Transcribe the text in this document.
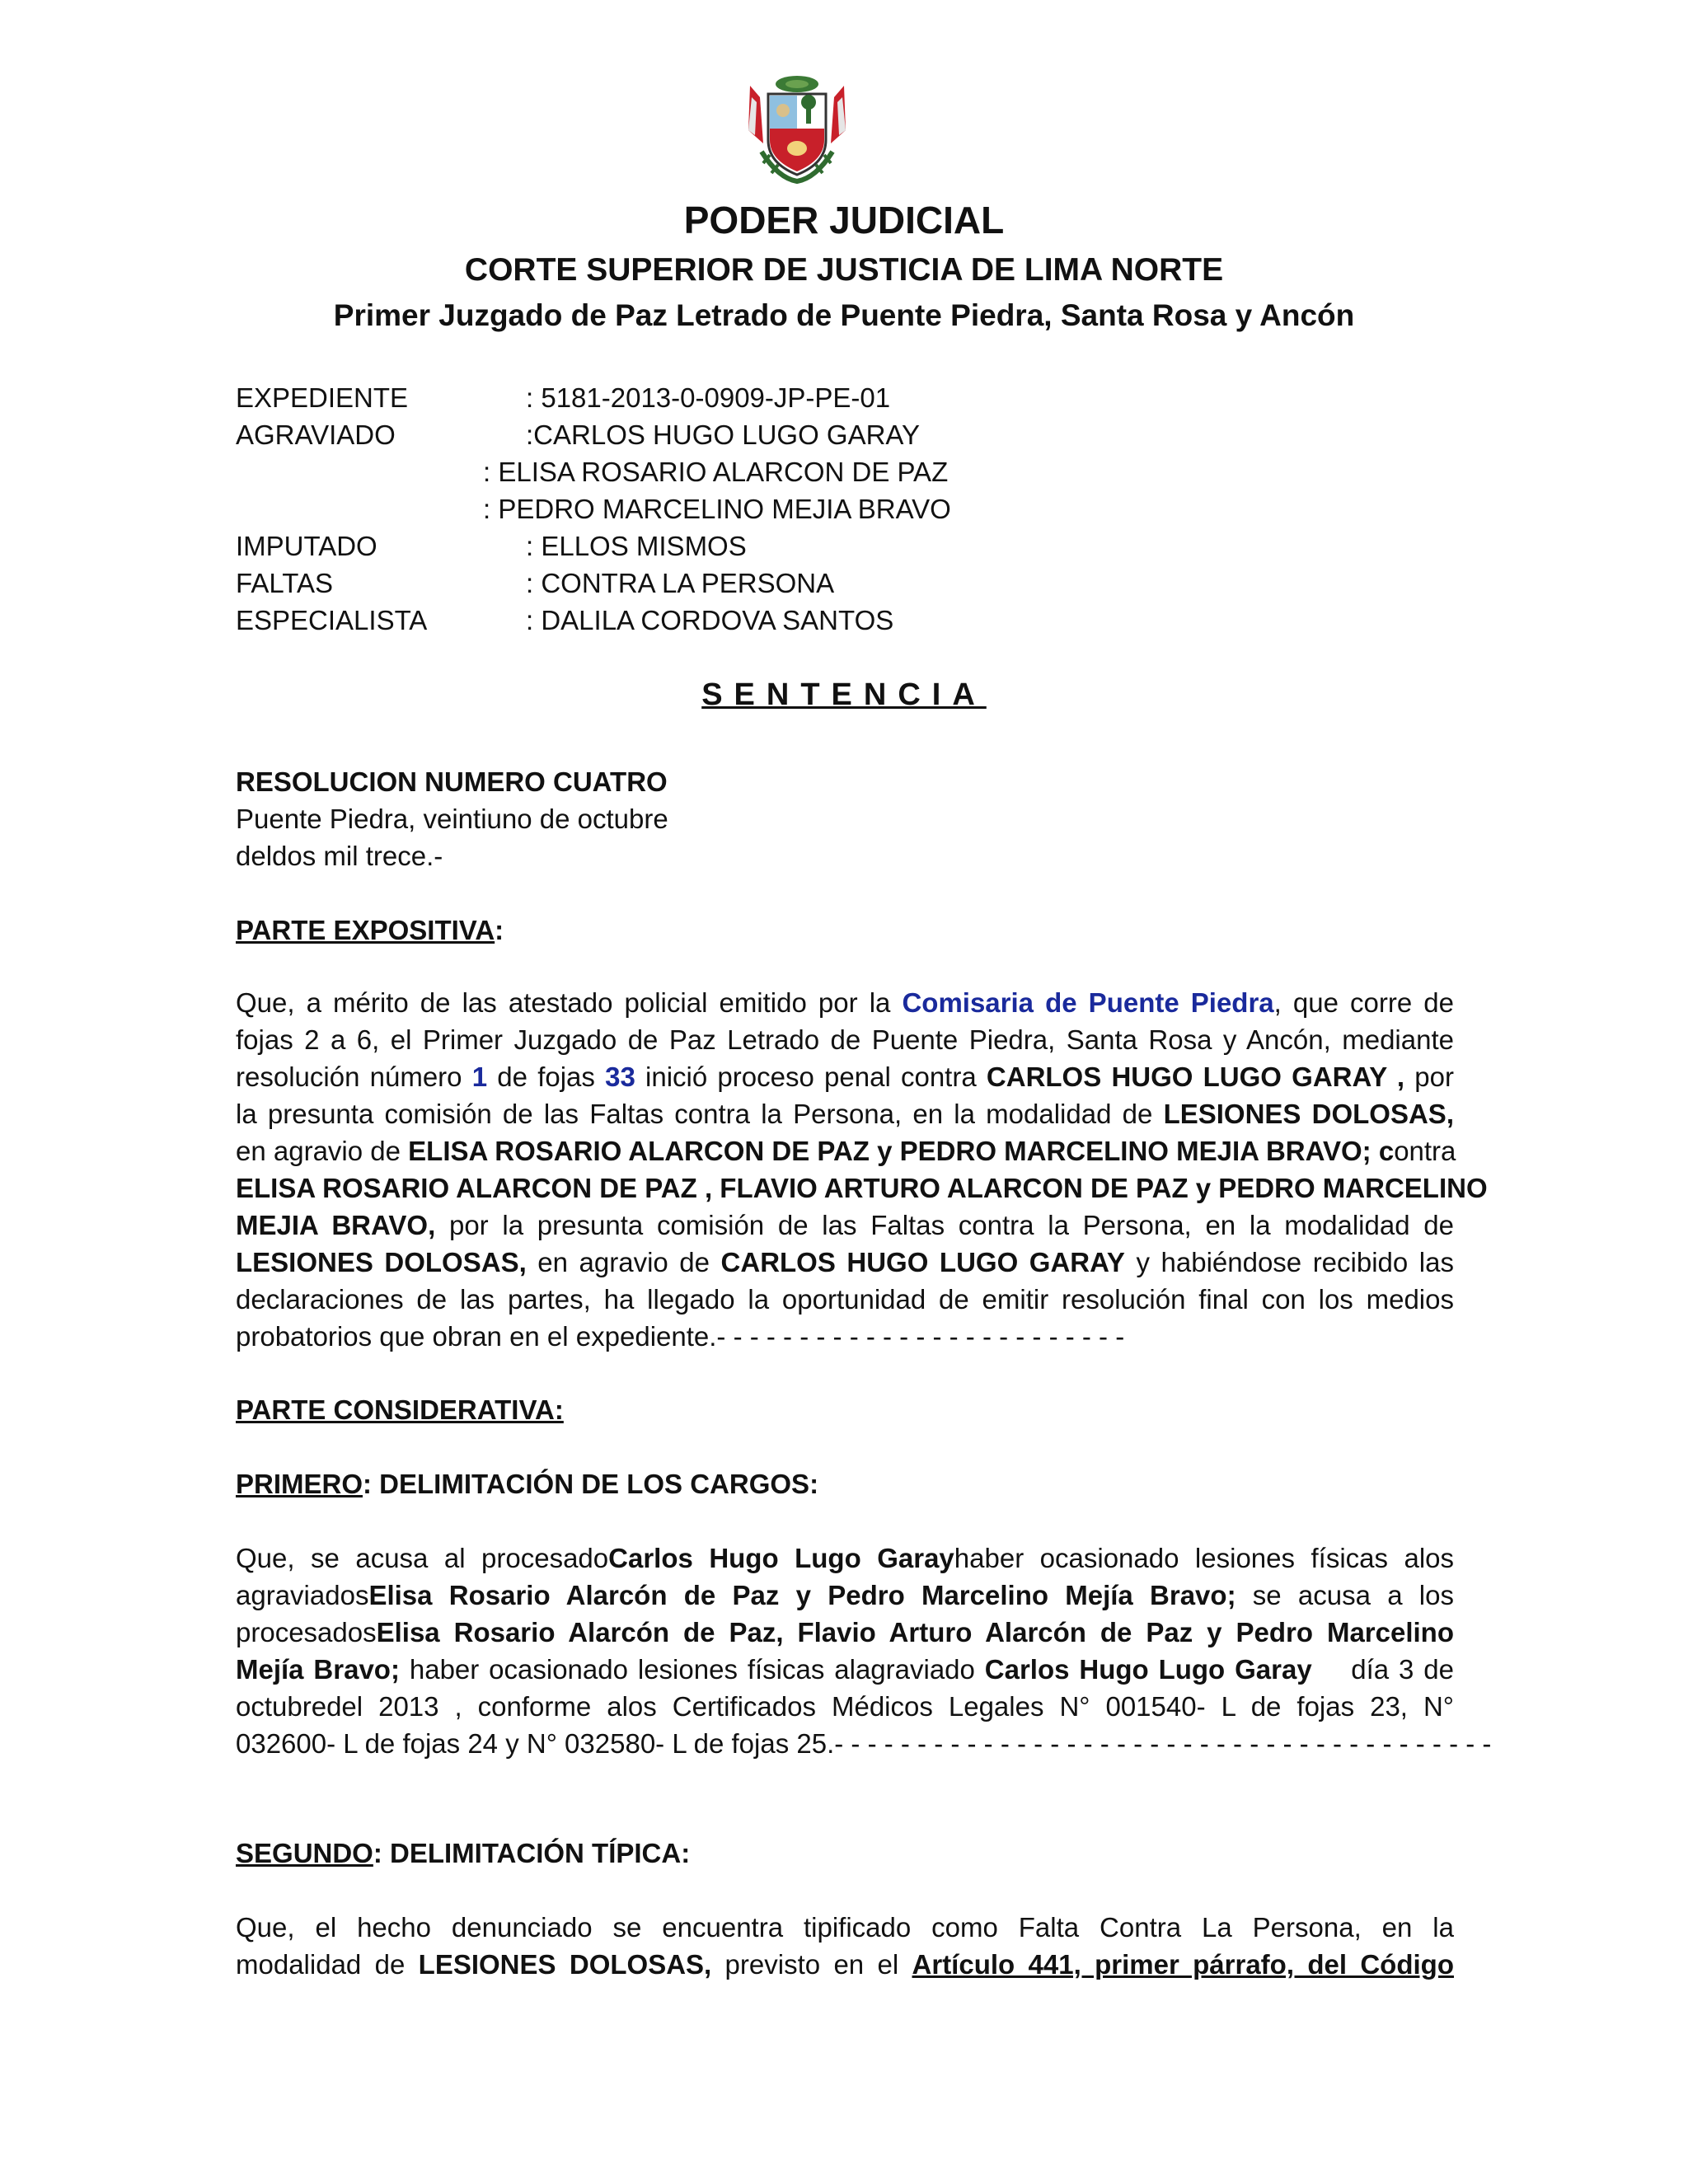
PODER JUDICIAL
CORTE SUPERIOR DE JUSTICIA DE LIMA NORTE
Primer Juzgado de Paz Letrado de Puente Piedra, Santa Rosa y Ancón
EXPEDIENTE	: 5181-2013-0-0909-JP-PE-01
AGRAVIADO	:CARLOS HUGO LUGO GARAY
: ELISA ROSARIO ALARCON DE PAZ
: PEDRO MARCELINO MEJIA BRAVO
IMPUTADO	: ELLOS MISMOS
FALTAS	: CONTRA LA PERSONA
ESPECIALISTA	: DALILA CORDOVA SANTOS
SENTENCIA
RESOLUCION NUMERO CUATRO
Puente Piedra, veintiuno de octubre
deldos mil trece.-
PARTE EXPOSITIVA:
Que, a mérito de las atestado policial emitido por la Comisaria de Puente Piedra, que corre de
fojas 2 a 6, el Primer Juzgado de Paz Letrado de Puente Piedra, Santa Rosa y Ancón, mediante
resolución número 1 de fojas 33 inició proceso penal contra CARLOS HUGO LUGO GARAY , por
la presunta comisión de las Faltas contra la Persona, en la modalidad de LESIONES DOLOSAS,
en agravio de ELISA ROSARIO ALARCON DE PAZ y PEDRO MARCELINO MEJIA BRAVO; contra
ELISA ROSARIO ALARCON DE PAZ , FLAVIO ARTURO ALARCON DE PAZ y PEDRO MARCELINO
MEJIA BRAVO, por la presunta comisión de las Faltas contra la Persona, en la modalidad de
LESIONES DOLOSAS, en agravio de CARLOS HUGO LUGO GARAY y habiéndose recibido las
declaraciones de las partes, ha llegado la oportunidad de emitir resolución final con los medios
probatorios que obran en el expediente.- - - - - - - - - - - - - - - - - - - - - - - - -
PARTE CONSIDERATIVA:
PRIMERO: DELIMITACIÓN DE LOS CARGOS:
Que, se acusa al procesadoCarlos Hugo Lugo Garayhaber ocasionado lesiones físicas alos
agraviadosElisa Rosario Alarcón de Paz y Pedro Marcelino Mejía Bravo; se acusa a los
procesadosElisa Rosario Alarcón de Paz, Flavio Arturo Alarcón de Paz y Pedro Marcelino
Mejía Bravo; haber ocasionado lesiones físicas alagraviado Carlos Hugo Lugo Garay    día 3 de
octubredel 2013 , conforme alos Certificados Médicos Legales N° 001540- L de fojas 23, N°
032600- L de fojas 24 y N° 032580- L de fojas 25.- - - - - - - - - - - - - - - - - - - - - - - - - - - - - - - - - - - - - - - -
SEGUNDO: DELIMITACIÓN TÍPICA:
Que, el hecho denunciado se encuentra tipificado como Falta Contra La Persona, en la
modalidad de LESIONES DOLOSAS, previsto en el Artículo 441, primer párrafo, del Código
